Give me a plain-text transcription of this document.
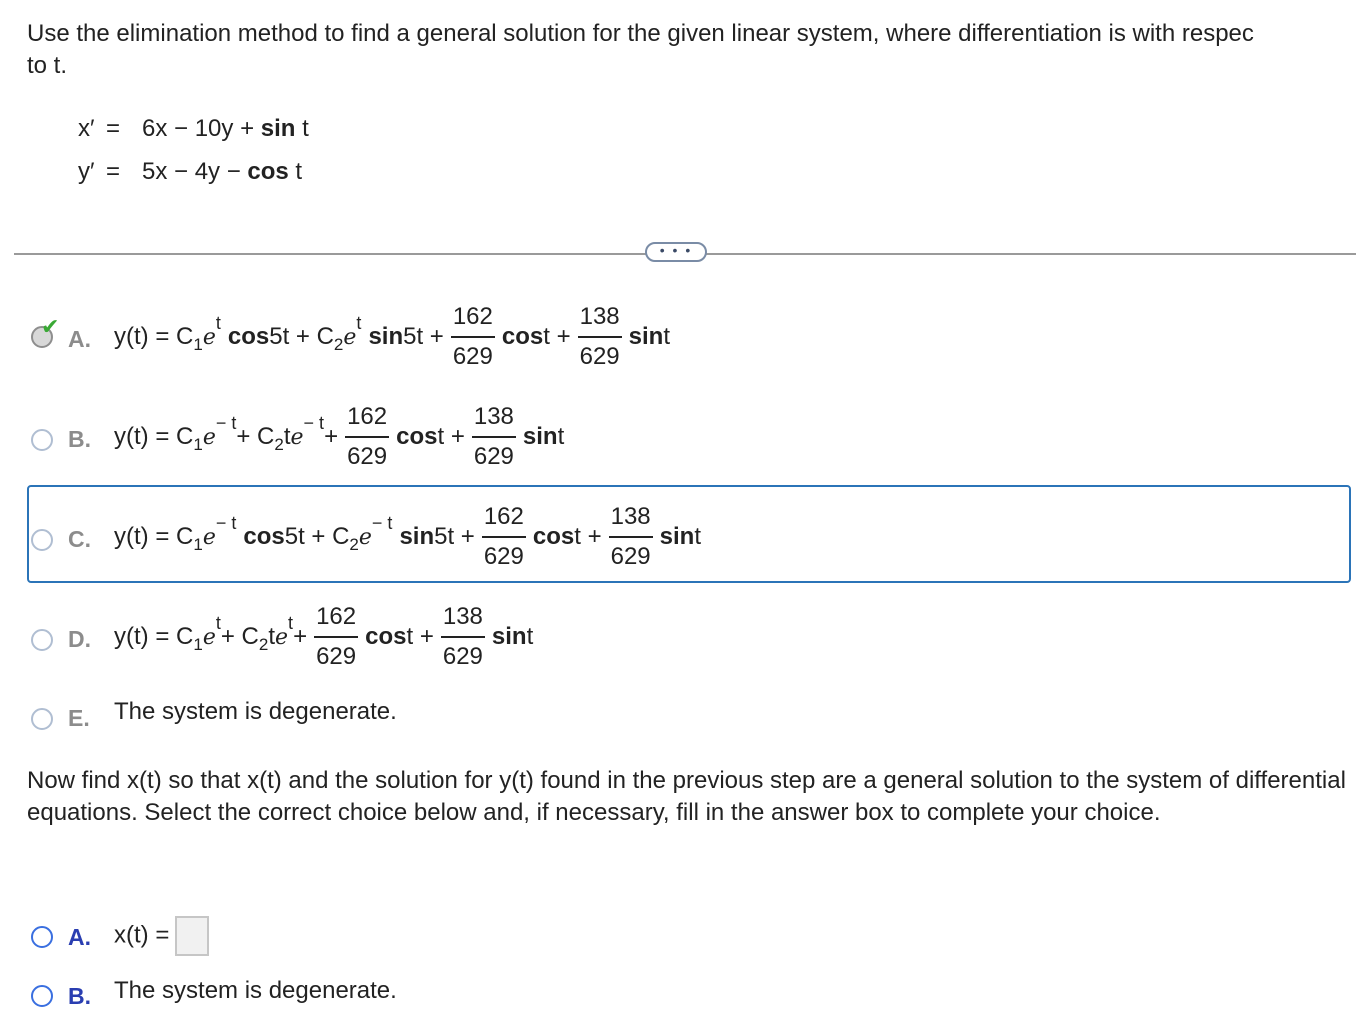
Use the elimination method to find a general solution for the given linear system, where differentiation is with respec
to t.
x′ = 6x − 10y + sin t
y′ = 5x − 4y − cos t
• • •
✔ A. y(t) = C 1 e
t
cos 5t + C 2 e
t
$\sin 5t + \frac{162}{629}$ $\cos t + \frac{138}{629}$ sin t
B. y(t) = C 1 e
− t
+ C 2 t e
− t
+ $\frac{162}{629}$ $\cos t + \frac{138}{629}$ sin t
C. y(t) = C 1 e
− t
cos 5t + C 2 e
− t
$\sin 5t + \frac{162}{629}$ $\cos t + \frac{138}{629}$ sin t
D. y(t) = C 1 e
t
+ C 2 t e
t
+ $\frac{162}{629}$ $\cos t + \frac{138}{629}$ sin t
E. The system is degenerate.
Now find x(t) so that x(t) and the solution for y(t) found in the previous step are a general solution to the system of differential equations. Select the correct choice below and, if necessary, fill in the answer box to complete your choice.
A. x(t) =
B. The system is degenerate.
